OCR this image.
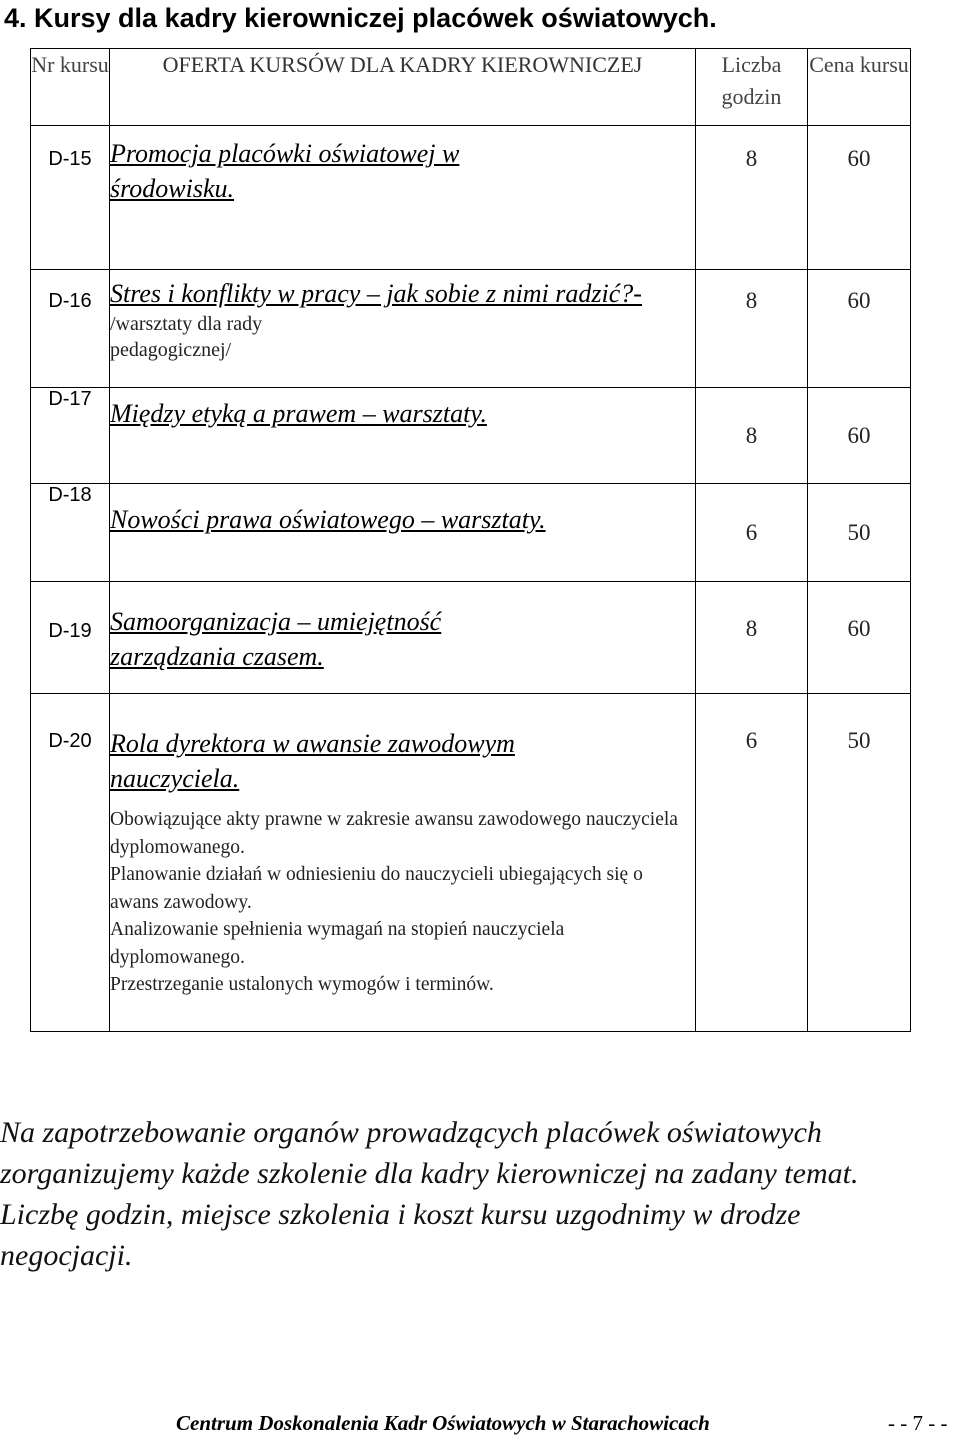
4. Kursy dla kadry kierowniczej placówek oświatowych.
Nr kursu	OFERTA KURSÓW DLA KADRY KIEROWNICZEJ	Liczba godzin	Cena kursu
D-15	Promocja placówki oświatowej w środowisku.	8	60
D-16	Stres i konflikty w pracy – jak sobie z nimi radzić?-

/warsztaty dla rady

pedagogicznej/	8	60
D-17	Między etyką a prawem – warsztaty.	8	60
D-18	Nowości prawa oświatowego – warsztaty.	6	50
D-19	Samoorganizacja – umiejętność zarządzania czasem.	8	60
D-20	Rola dyrektora w awansie zawodowym nauczyciela.

Obowiązujące akty prawne w zakresie awansu zawodowego nauczyciela dyplomowanego.

Planowanie działań w odniesieniu do nauczycieli ubiegających się o awans zawodowy.

Analizowanie spełnienia wymagań na stopień nauczyciela dyplomowanego.

Przestrzeganie ustalonych wymogów i terminów.	6	50

Na zapotrzebowanie organów prowadzących placówek oświatowych zorganizujemy każde szkolenie dla kadry kierowniczej na zadany temat. Liczbę godzin, miejsce szkolenia i koszt kursu uzgodnimy w drodze negocjacji.

Centrum Doskonalenia Kadr Oświatowych w Starachowicach	- - 7 - -
